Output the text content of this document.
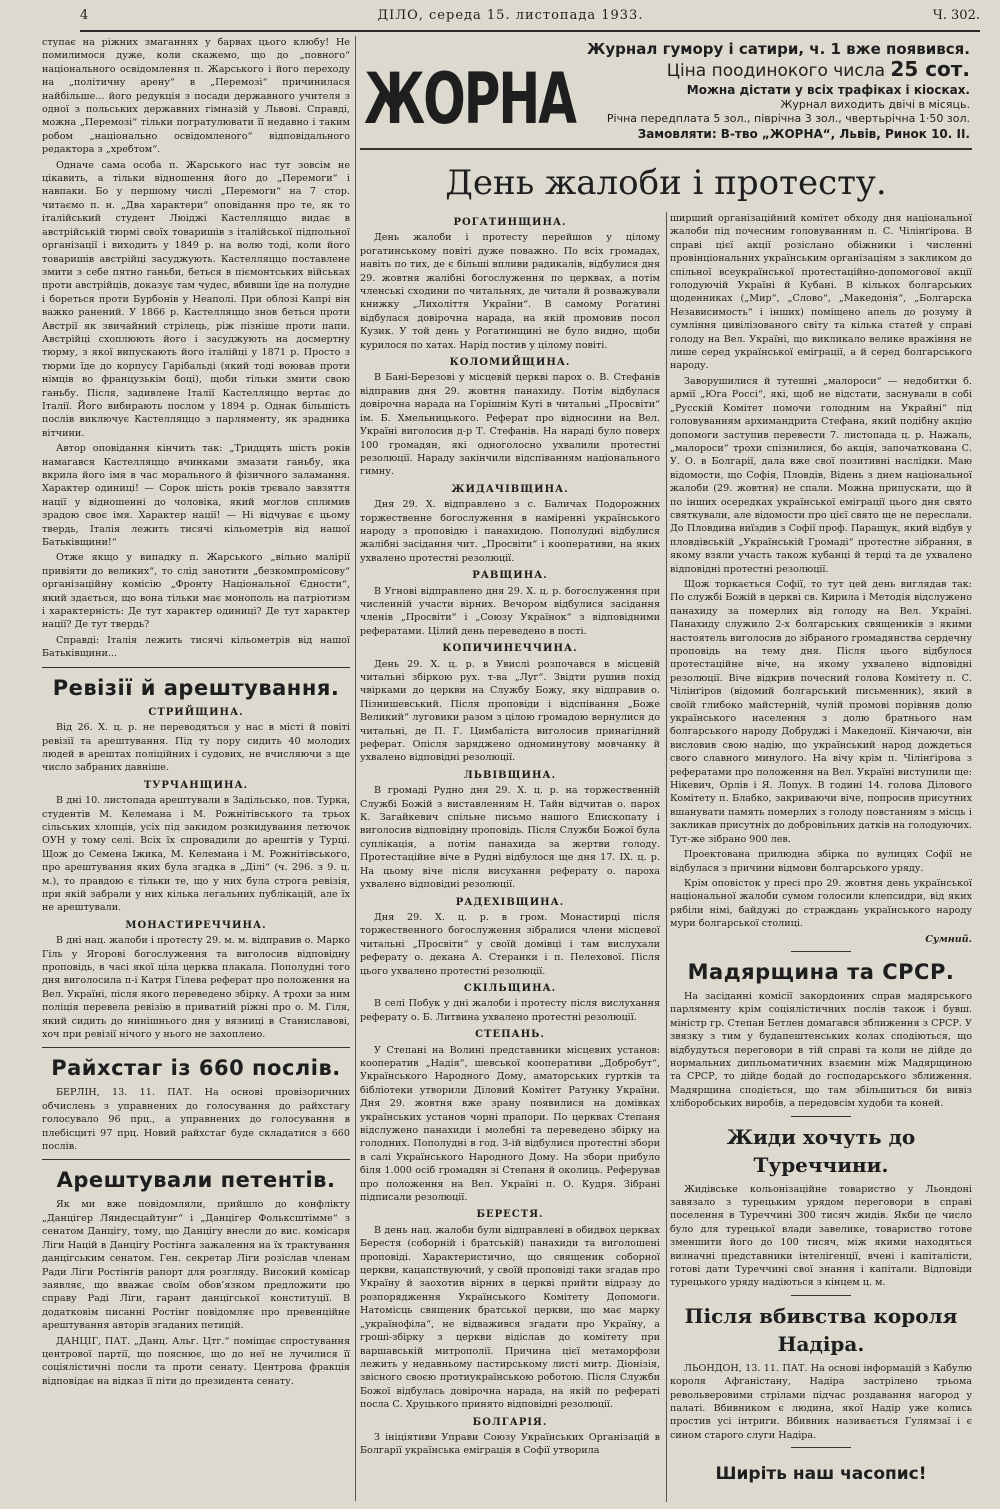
4	ДІЛО, середа 15. листопада 1933.	Ч. 302.

ступає на ріжних змаганнях у барвах цього клюбу! Не помилимося дуже, коли скажемо, що до „повного“ національного освідомлення п. Жарського і його переходу на „політичну арену“ в „Перемозі“ причинилася найбільше... його редукція з посади державного учителя з одної з польських державних гімназій у Львові. Справді, можна „Перемозі“ тільки погратулювати її недавно і таким робом „національно освідомленого“ відповідального редактора з „хребтом“.

Одначе сама особа п. Жарського нас тут зовсім не цікавить, а тільки відношення його до „Перемоги“ і навпаки. Бо у першому числі „Перемоги“ на 7 стор. читаємо п. н. „Два характери“ оповідання про те, як то італійський студент Люіджі Кастелляццо видає в австрійській тюрмі своїх товаришів з італійської підпольної організації і виходить у 1849 р. на волю тоді, коли його товаришів австрійці засуджують. Кастелляццо поставлене змити з себе пятно ганьби, беться в піємонтських військах проти австрійців, доказує там чудес, вбивши їде на полудне і бореться проти Бурбонів у Неаполі. При облозі Капрі він важко ранений. У 1866 р. Кастелляццо знов беться проти Австрії як звичайний стрілець, ріж пізніше проти папи. Австрійці схоплюють його і засуджують на досмертну тюрму, з якої випускають його італійці у 1871 р. Просто з тюрми їде до корпусу Гарібальді (який тоді воював проти німців во французькім боці), щоби тільки змити свою ганьбу. Після, задивлене Італії Кастелляццо вертає до Італії. Його вибирають послом у 1894 р. Однак більшість послів виключує Кастелляццо з парляменту, як зрадника вітчини.

Автор оповідання кінчить так: „Тридцять шість років намагався Кастелляццо вчинками змазати ганьбу, яка вкрила його імя в час морального й фізичного заламання. Характер одиниці! — Сорок шість років трєвало завзяття нації у відношенні до чоловіка, який моглов сплямив зрадою своє імя. Характер нації! — Ні відчуває є цьому твердь, Італія лежить тисячі кільометрів від нашої Батьківщини!“

Отже якщо у випадку п. Жарського „вільно малірії привіяти до великих“, то слід занотити „безкомпромісову“ організаційну комісію „Фронту Національної Єдности“, який здається, що вона тільки має монополь на патріотизм і характерність: Де тут характер одиниці? Де тут характер нації? Де тут твердь?

Справді: Італія лежить тисячі кільометрів від нашої Батьківщини...

Ревізії й арештування.
СТРИЙЩИНА.

Від 26. Х. ц. р. не переводяться у нас в місті й повіті ревізії та арештування. Під ту пору сидить 40 молодих людей в арештах поліційних і судових, не вчисляючи з ще число забраних давніше.

ТУРЧАНЩИНА.

В дні 10. листопада арештували в Задільсько, пов. Турка, студентів М. Келемана і М. Рожнітівського та трьох сільських хлопців, усіх під закидом розкидування летючок ОУН у тому селі. Всіх їх спровадили до арештів у Турці. Щож до Семена Іжика, М. Келемана і М. Рожнітівського, про арештування яких була згадка в „Ділі“ (ч. 296. з 9. ц. м.), то правдою є тільки те, що у них була строга ревізія, при якій забрали у них кілька легальних публікацій, але їх не арештували.

МОНАСТИРЕЧЧИНА.

В дні нац. жалоби і протесту 29. м. м. відправив о. Марко Гіль у Ягорові богослуження та виголосив відповідну проповідь, в часі якої ціла церква плакала. Пополудні того дня виголосила п-і Катря Гілева реферат про положення на Вел. Україні, після якого переведено збірку. А трохи за ним поліція перевела ревізію в приватній ріжні про о. М. Гіля, який сидить до нинішнього дня у вязниці в Станиславові, хоч при ревізії нічого у нього не захоплено.

Райхстаг із 660 послів.

БЕРЛІН, 13. 11. ПАТ. На основі провізоричних обчислень з управнених до голосування до райхстагу голосувало 96 прц., а управнених до голосування в плебісциті 97 прц. Новий райхстаг буде складатися з 660 послів.

Арештували петентів.

Як ми вже повідомляли, прийшло до конфлікту „Данцігер Ляндесцайтунг“ і „Данцігер Фольксштімме“ з сенатом Данцігу, тому, що Данцігу внесли до вис. комісаря Ліги Націй в Данцігу Ростінга зажалення на їх трактування данцігським сенатом. Ген. секретар Ліги розіслав членам Ради Ліги Ростінгів рапорт для розгляду. Високий комісар заявляє, що вважає своїм обов’язком предложити цю справу Раді Ліги, гарант данцігської конституції. В додатковім писанні Ростінг повідомляє про превенційне арештування авторів згаданих петицій.

ДАНЦІГ, ПАТ. „Данц. Альг. Цтг.“ поміщає спростування центрової партії, що пояснює, що до неї не лучилися її соціялістичні посли та проти сенату. Центрова фракція відповідає на відказ її піти до президента сенату.

ЖОРНА
Журнал гумору і сатири, ч. 1 вже появився.
Ціна поодинокого числа 25 сот.
Можна дістати у всіх трафіках і кіосках.
Журнал виходить двічі в місяць.
Річна передплата 5 зол., піврічна 3 зол., чвертьрічна 1·50 зол.
Замовляти: В-тво „ЖОРНА“, Львів, Ринок 10. II.
День жалоби і протесту.
РОГАТИНЩИНА.

День жалоби і протесту перейшов у цілому рогатинському повіті дуже поважно. По всіх громадах, навіть по тих, де є більші впливи радикалів, відбулися дня 29. жовтня жалібні богослуження по церквах, а потім членські сходини по читальнях, де читали й розважували книжку „Лихоліття України“. В самому Рогатині відбулася довірочна нарада, на якій промовив посол Кузик. У той день у Рогатинщині не було видно, щоби курилося по хатах. Нарід постив у цілому повіті.

КОЛОМИЙЩИНА.

В Бані-Березові у місцевій церкві парох о. В. Стефанів відправив дня 29. жовтня панахиду. Потім відбулася довірочна нарада на Горішнім Куті в читальні „Просвіти“ ім. Б. Хмельницького. Реферат про відносини на Вел. Україні виголосив д-р Т. Стефанів. На нараді було поверх 100 громадян, які одноголосно ухвалили протестні резолюції. Нараду закінчили відспіванням національного гимну.

ЖИДАЧІВЩИНА.

Дня 29. Х. відправлено з с. Баличах Подорожних торжественне богослуження в наміренні українського народу з проповідю і панахидою. Пополудні відбулися жалібні засідання чит. „Просвіти“ і кооперативи, на яких ухвалено протестні резолюції.

РАВЩИНА.

В Угнові відправлено дня 29. Х. ц. р. богослуження при численній участи вірних. Вечором відбулися засідання членів „Просвіти“ і „Союзу Українок“ з відповідними рефератами. Цілий день переведено в пості.

КОПИЧИНЕЧЧИНА.

День 29. Х. ц. р. в Увислі розпочався в місцевій читальні збіркою рух. т-ва „Луг“. Звідти рушив похід чвірками до церкви на Службу Божу, яку відправив о. Пізнишевський. Після проповіди і відспівання „Боже Великий“ луговики разом з цілою громадою вернулися до читальні, де П. Г. Цимбаліста виголосив принагідний реферат. Опісля заряджено одноминутову мовчанку й ухвалено відповідні резолюції.

ЛЬВІВЩИНА.

В громаді Рудно дня 29. Х. ц. р. на торжественній Службі Божій з виставленням Н. Тайн відчитав о. парох К. Загайкевич спільне письмо нашого Епископату і виголосив відповідну проповідь. Після Служби Божої була суплікація, а потім панахида за жертви голоду. Протестаційне віче в Рудні відбулося ще дня 17. ІХ. ц. р. На цьому віче після висухання реферату о. пароха ухвалено відповідні резолюції.

РАДЕХІВЩИНА.

Дня 29. Х. ц. р. в гром. Монастирці після торжественного богослуження зібралися члени місцевої читальні „Просвіти“ у своїй домівці і там вислухали реферату о. декана А. Стеранки і п. Пелехової. Після цього ухвалено протестні резолюції.

СКІЛЬЩИНА.

В селі Побук у дні жалоби і протесту після вислухання реферату о. Б. Литвина ухвалено протестні резолюції.

СТЕПАНЬ.

У Степані на Волині представники місцевих установ: кооператив „Надія“, шевської кооперативи „Добробут“, Українського Народного Дому, аматорських гуртків та бібліотеки утворили Діловий Комітет Ратунку України. Дня 29. жовтня вже зрану появилися на домівках українських установ чорні прапори. По церквах Степаня відслужено панахиди і молебні та переведено збірку на голодних. Пополудні в год. 3-ій відбулися протестні збори в салі Українського Народного Дому. На збори прибуло біля 1.000 осіб громадян зі Степаня й околиць. Реферував про положення на Вел. Україні п. О. Кудря. Зібрані підписали резолюції.

БЕРЕСТЯ.

В день нац. жалоби були відправлені в обидвох церквах Берестя (соборній і братській) панахиди та виголошені проповіді. Характеристично, що священик соборної церкви, кацапствуючий, у своїй проповіді таки згадав про Україну й заохотив вірних в церкві прийти відразу до розпорядження Українського Комітету Допомоги. Натомісць священик братської церкви, що має марку „українофіла“, не відважився згадати про Україну, а гроші-збірку з церкви відіслав до комітету при варшавській митрополії. Причина цієї метаморфози лежить у недавньому пастирському листі митр. Діонізія, звісного своєю протиукраїнською роботою. Після Служби Божої відбулась довірочна нарада, на якій по рефераті посла С. Хруцького принято відповідні резолюції.

БОЛГАРІЯ.

З ініціятиви Управи Союзу Українських Організацій в Болгарії українська еміграція в Софії утворила

ширший організаційний комітет обходу дня національної жалоби під почесним головуванням п. С. Чілінґірова. В справі цієї акції розіслано обіжники і численні провінціональних українським організаціям з закликом до спільної всеукраїнської протестаційно-допомогової акції голодуючій Україні й Кубані. В кількох болгарських щоденниках („Мир“, „Слово“, „Македонія“, „Болгарска Независимость“ і інших) поміщено апель до розуму й сумління цивілізованого світу та кілька статей у справі голоду на Вел. Україні, що викликало велике вражіння не лише серед української еміграції, а й серед болгарського народу.

Заворушилися й тутешні „малороси“ — недобитки б. армії „Юга Россі“, які, щоб не відстати, заснували в собі „Русскій Комітет помочи голодним на Украйні“ під головуванням архимандрита Стефана, який подібну акцію допомоги заступив перевести 7. листопада ц. р. Нажаль, „малороси“ трохи спізнилися, бо акція, започаткована С. У. О. в Болгарії, дала вже свої позитивні наслідки. Маю відомости, що Софія, Пловдів, Відень з днем національної жалоби (29. жовтня) не спали. Можна припускати, що й по інших осередках української еміграції цього дня свято святкували, але відомости про цієї свято ще не переслали. До Пловдива виїздив з Софії проф. Паращук, який відбув у пловдівській „Українській Громаді“ протестне зібрання, в якому взяли участь також кубанці й терці та де ухвалено відповідні протестні резолюції.

Щож торкається Софії, то тут цей день виглядав так: По службі Божій в церкві св. Кирила і Методія відслужено панахиду за померлих від голоду на Вел. Україні. Панахиду служило 2-х болгарських священиків з якими настоятель виголосив до зібраного громадянства сердечну проповідь на тему дня. Після цього відбулося протестаційне віче, на якому ухвалено відповідні резолюції. Віче відкрив почесний голова Комітету п. С. Чілінґіров (відомий болгарський письменник), який в своїй глибоко майстерній, чулій промові порівняв долю українського населення з долю братнього нам болгарського народу Добруджі і Македонії. Кінчаючи, він висловив свою надію, що український народ дождеться свого славного минулого. На вічу крім п. Чілінґірова з рефератами про положення на Вел. Україні виступили ще: Нікевич, Орлів і Я. Лопух. В годині 14. голова Ділового Комітету п. Блабко, закриваючи віче, попросив присутних вшанувати память померлих з голоду повстанням з місць і закликав присутніх до добровільних датків на голодуючих. Тут-же зібрано 900 лев.

Проектована прилюдна збірка по вулицях Софії не відбулася з причини відмови болгарського уряду.

Крім оповісток у пресі про 29. жовтня день української національної жалоби сумом голосили клепсидри, від яких рябіли німі, байдужі до страждань українського народу мури болгарської столиці.

Сумний.
Мадярщина та СРСР.

На засіданні комісії закордонних справ мадярського парляменту крім соціялістичних послів також і бувш. міністр гр. Степан Бетлен домагався зближення з СРСР. У звязку з тим у будапештенських колах сподіються, що відбудуться переговори в тій справі та коли не дійде до нормальних дипльоматичних взаємин між Мадярщиною та СРСР, то дійде бодай до господарського зближення. Мадярщина сподіється, що там збільшиться би вивіз хліборобських виробів, а передовсім худоби та коней.

Жиди хочуть до Туреччини.

Жидівське кольонізаційне товариство у Льондоні завязало з турецьким урядом переговори в справі поселення в Туреччині 300 тисяч жидів. Якби це число було для турецької влади завелике, товариство готове зменшити його до 100 тисяч, між якими находяться визначні представники інтелігенції, вчені і капіталісти, готові дати Туреччині свої знання і капітали. Відповіди турецького уряду надіються з кінцем ц. м.

Після вбивства короля Надіра.

ЛЬОНДОН, 13. 11. ПАТ. На основі інформацій з Кабулю короля Афганістану, Надіра застрілено трьома револьверовими стрілами підчас роздавання нагород у палаті. Вбивником є людина, якої Надір уже колись простив усі інтриги. Вбивник називається Гулямзаї і є сином старого слуги Надіра.

Ширіть наш часопис!
